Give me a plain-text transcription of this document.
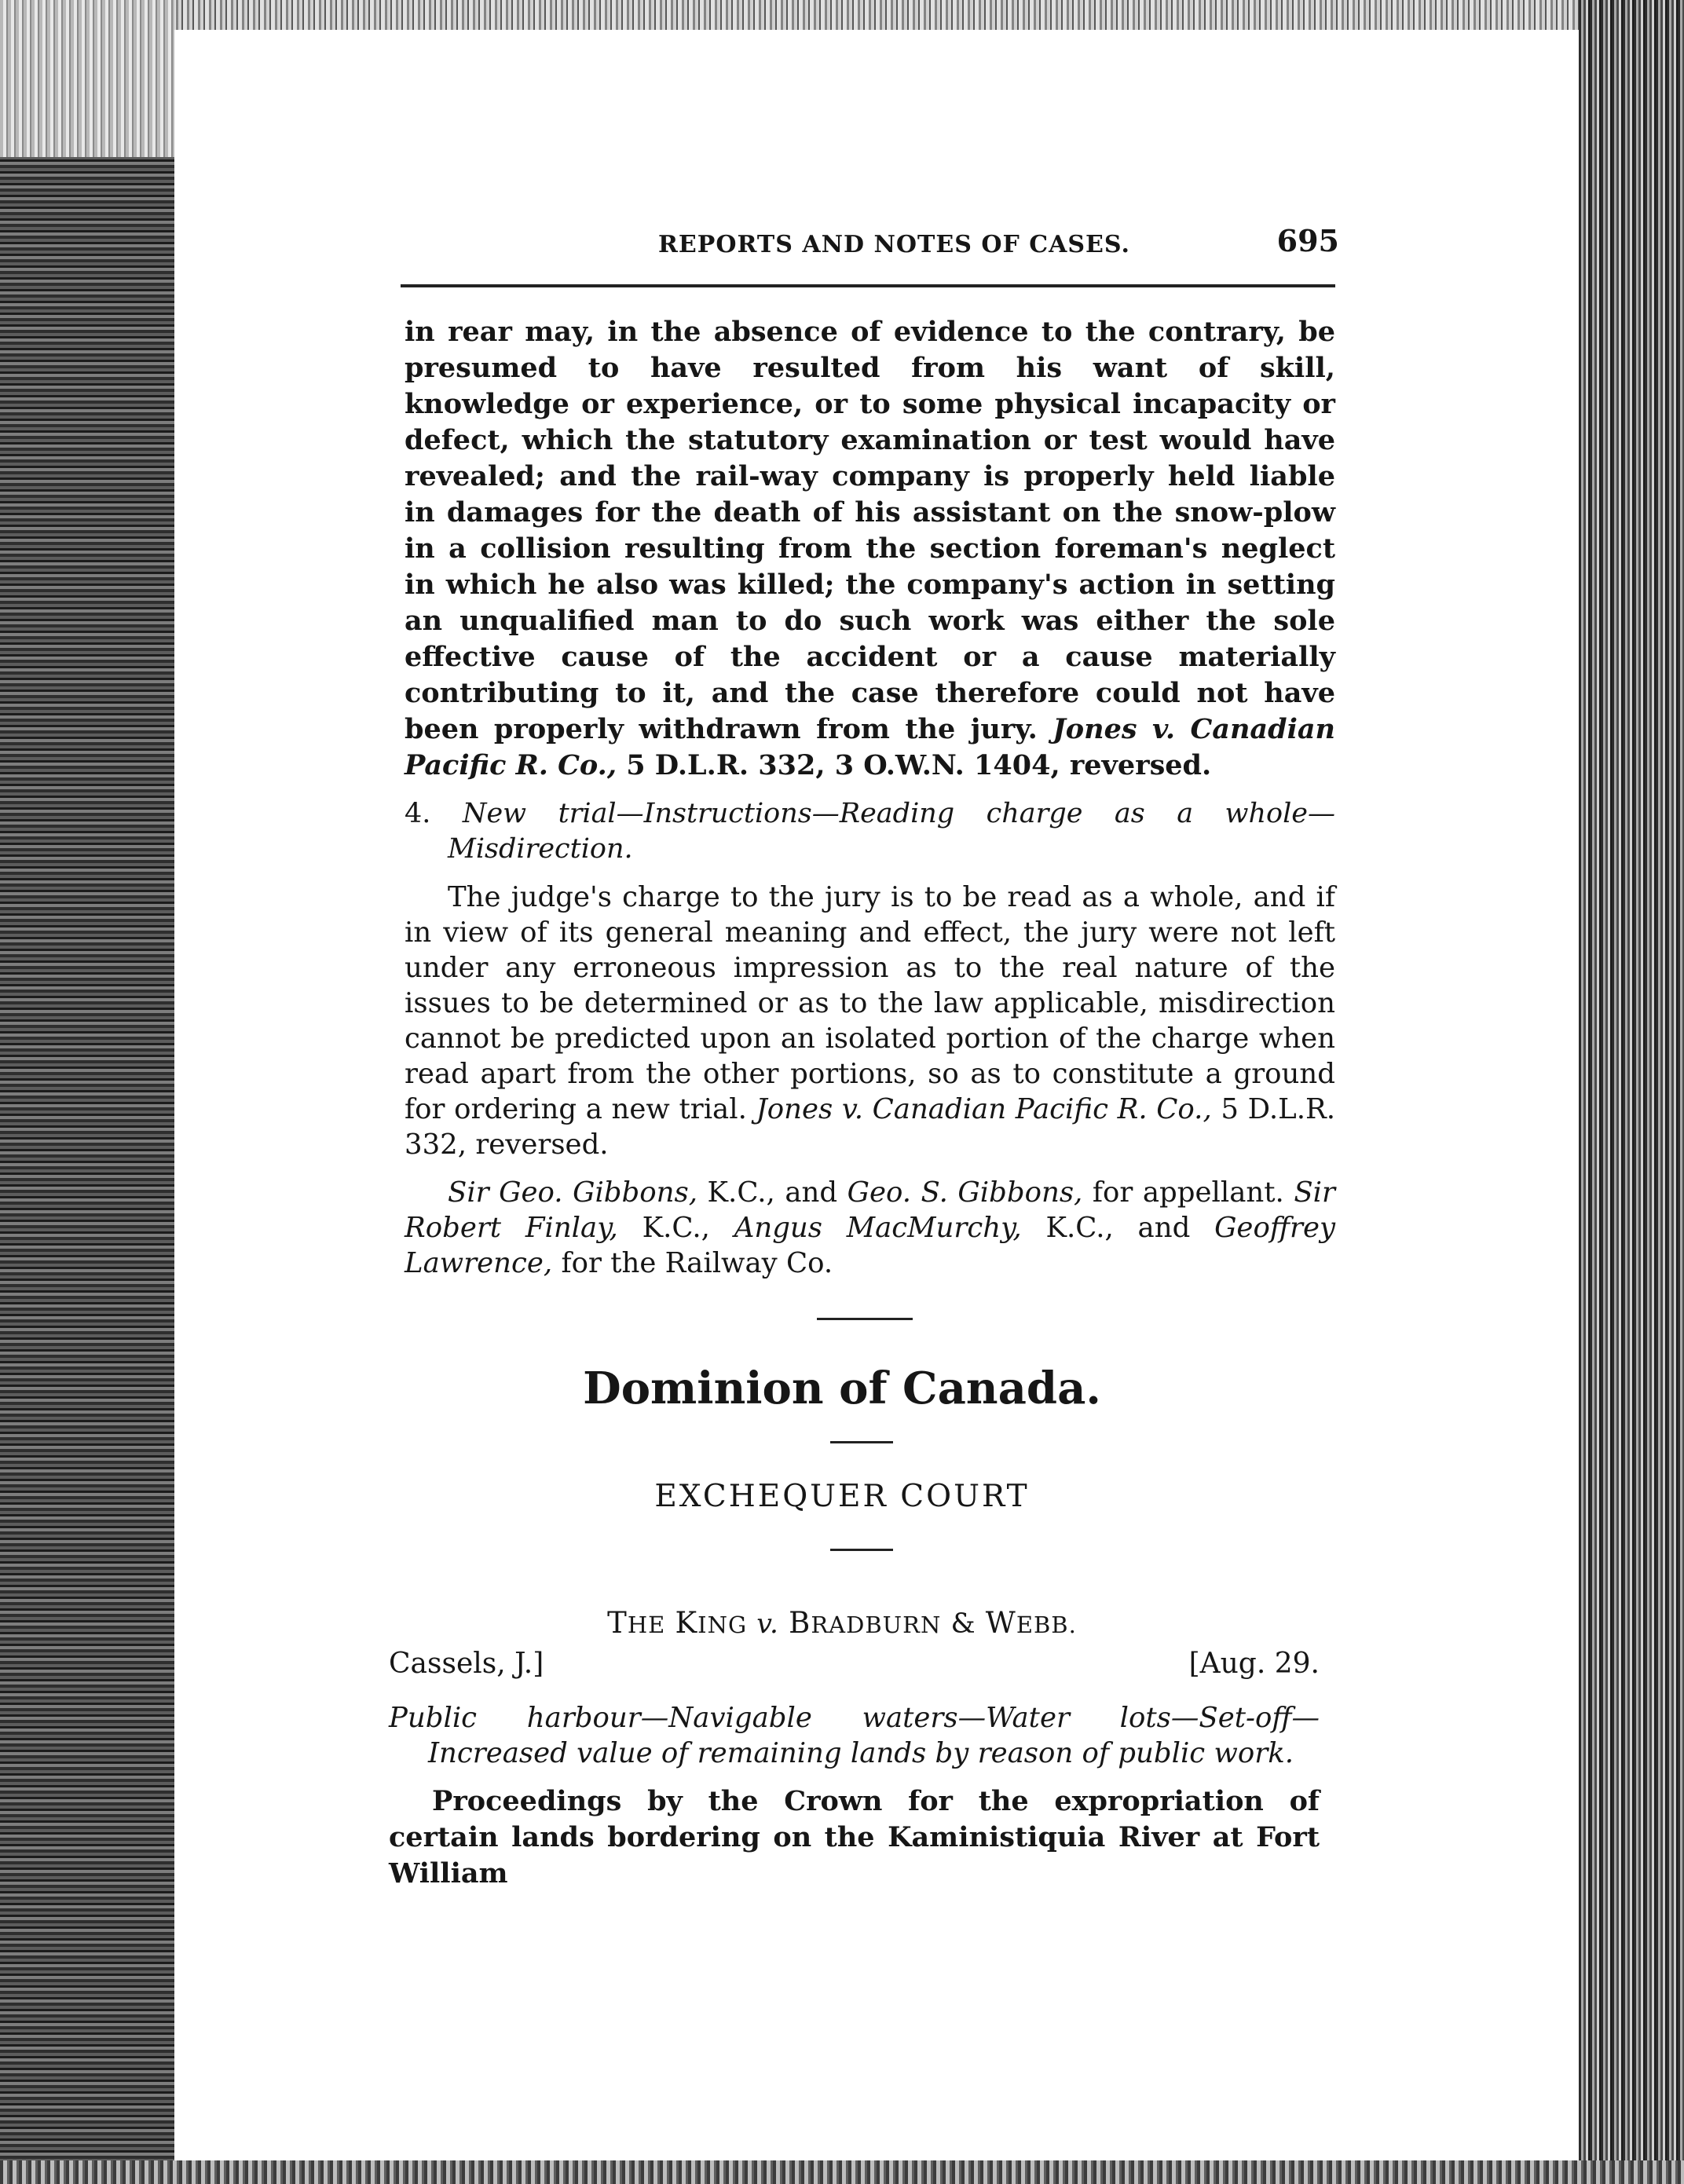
REPORTS AND NOTES OF CASES.	695

in rear may, in the absence of evidence to the contrary, be presumed to have resulted from his want of skill, knowledge or experience, or to some physical incapacity or defect, which the statutory examination or test would have revealed; and the rail-way company is properly held liable in damages for the death of his assistant on the snow-plow in a collision resulting from the section foreman's neglect in which he also was killed; the company's action in setting an unqualified man to do such work was either the sole effective cause of the accident or a cause materially contributing to it, and the case therefore could not have been properly withdrawn from the jury. Jones v. Canadian Pacific R. Co., 5 D.L.R. 332, 3 O.W.N. 1404, reversed.

4. New trial—Instructions—Reading charge as a whole—Misdirection.

The judge's charge to the jury is to be read as a whole, and if in view of its general meaning and effect, the jury were not left under any erroneous impression as to the real nature of the issues to be determined or as to the law applicable, misdirection cannot be predicted upon an isolated portion of the charge when read apart from the other portions, so as to constitute a ground for ordering a new trial. Jones v. Canadian Pacific R. Co., 5 D.L.R. 332, reversed.

Sir Geo. Gibbons, K.C., and Geo. S. Gibbons, for appellant. Sir Robert Finlay, K.C., Angus MacMurchy, K.C., and Geoffrey Lawrence, for the Railway Co.

Dominion of Canada.
EXCHEQUER COURT
THE KING v. BRADBURN & WEBB.
Cassels, J.]	[Aug. 29.

Public harbour—Navigable waters—Water lots—Set-off—Increased value of remaining lands by reason of public work.

Proceedings by the Crown for the expropriation of certain lands bordering on the Kaministiquia River at Fort William
